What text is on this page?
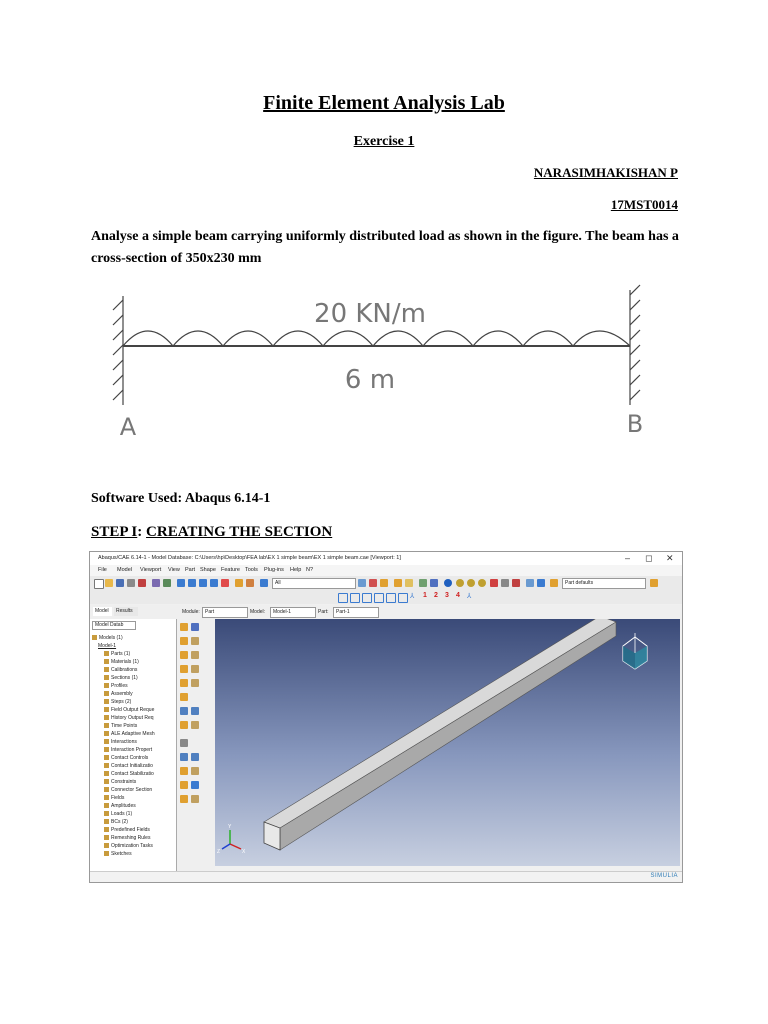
Finite Element Analysis Lab
Exercise 1
NARASIMHAKISHAN P
17MST0014
Analyse a simple beam carrying uniformly distributed load as shown in the figure. The beam has a cross-section of 350x230 mm
20 KN/m
6 m
A	B
Software Used: Abaqus 6.14-1
STEP I: CREATING THE SECTION
Abaqus/CAE 6.14-1 - Model Database: C:\Users\hp\Desktop\FEA lab\EX 1 simple beam\EX 1 simple beam.cae [Viewport: 1]	– ◻ ✕
File Model Viewport View Part Shape Feature Tools Plug-ins Help N?
All	Part defaults
⅄ 1 2 3 4 ⅄
Model	Results	Module:	Part	Model:	Model-1	Part:	Part-1
Model Datab
Models (1)
Model-1
Parts (1)
Materials (1)
Calibrations
Sections (1)
Profiles
Assembly
Steps (2)
Field Output Reque
History Output Req
Time Points
ALE Adaptive Mesh
Interactions
Interaction Propert
Contact Controls
Contact Initializatio
Contact Stabilizatio
Constraints
Connector Section
Fields
Amplitudes
Loads (1)
BCs (2)
Predefined Fields
Remeshing Rules
Optimization Tasks
Sketches
Y
X
Z
SIMULIA
